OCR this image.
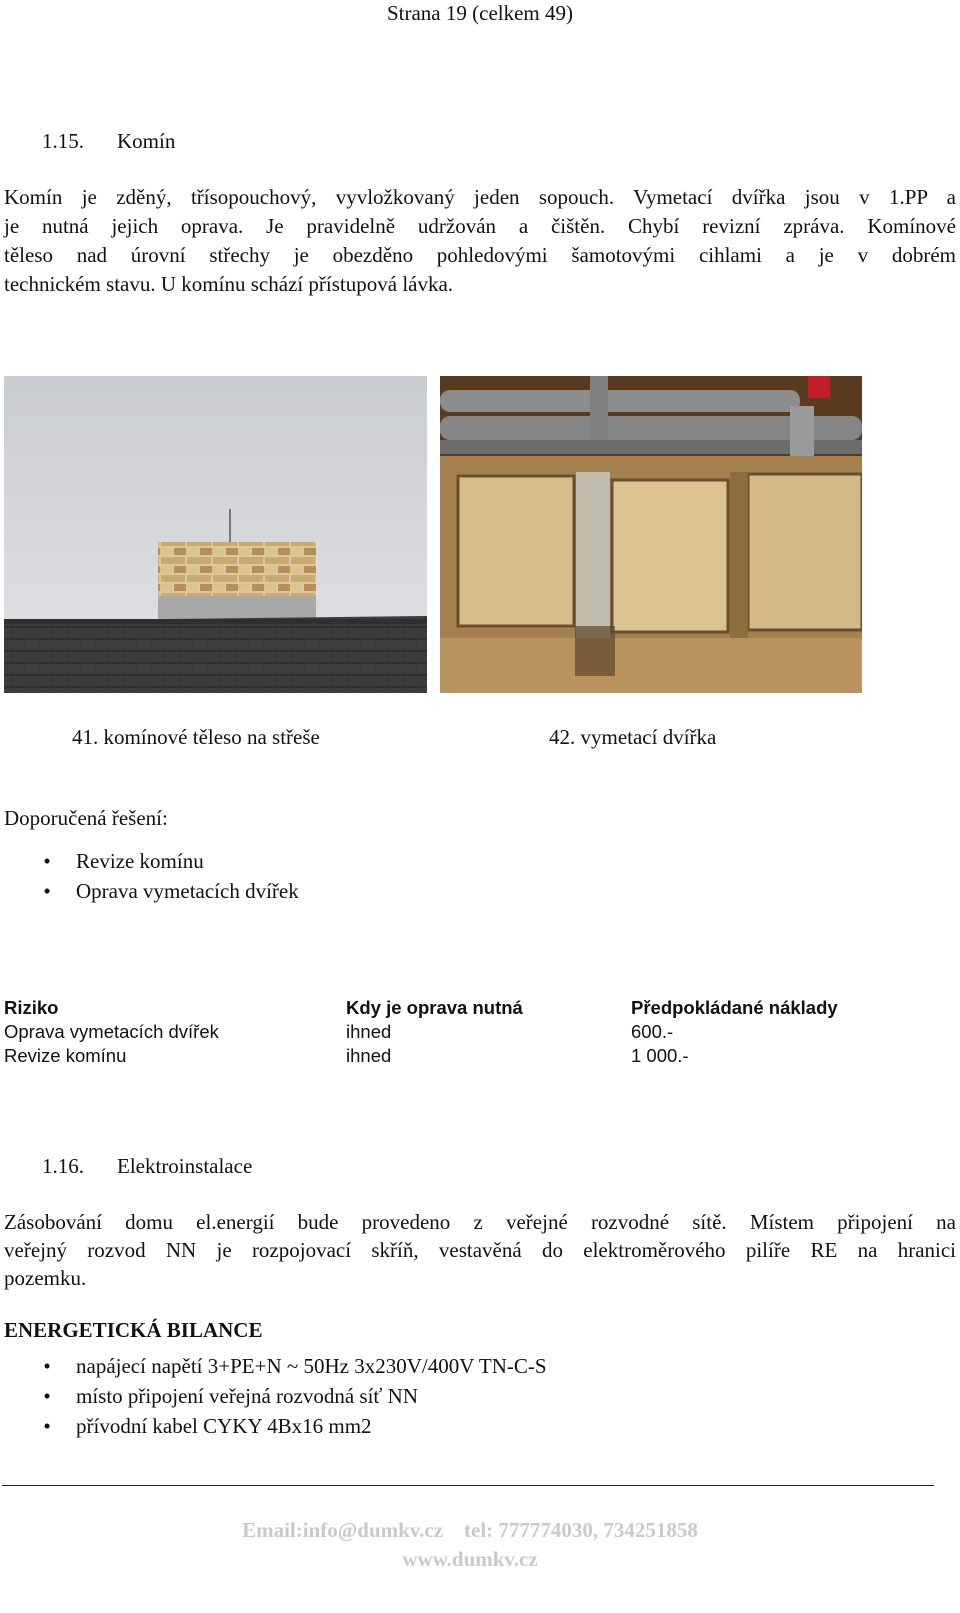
Strana 19 (celkem 49)
1.15. Komín
Komín je zděný, třísopouchový, vyvložkovaný jeden sopouch. Vymetací dvířka jsou v 1.PP a
je nutná jejich oprava. Je pravidelně udržován a čištěn. Chybí revizní zpráva. Komínové
těleso nad úrovní střechy je obezděno pohledovými šamotovými cihlami a je v dobrém
technickém stavu. U komínu schází přístupová lávka.
41. komínové těleso na střeše	42. vymetací dvířka
Doporučená řešení:
• Revize komínu
• Oprava vymetacích dvířek
Riziko	Kdy je oprava nutná	Předpokládané náklady
Oprava vymetacích dvířek	ihned	600.-
Revize komínu	ihned	1 000.-
1.16. Elektroinstalace
Zásobování domu el.energií bude provedeno z veřejné rozvodné sítě. Místem připojení na
veřejný rozvod NN je rozpojovací skříň, vestavěná do elektroměrového pilíře RE na hranici
pozemku.
ENERGETICKÁ BILANCE
• napájecí napětí 3+PE+N ~ 50Hz 3x230V/400V TN-C-S
• místo připojení veřejná rozvodná síť NN
• přívodní kabel CYKY 4Bx16 mm2
Email:info@dumkv.cz    tel: 777774030, 734251858
www.dumkv.cz
